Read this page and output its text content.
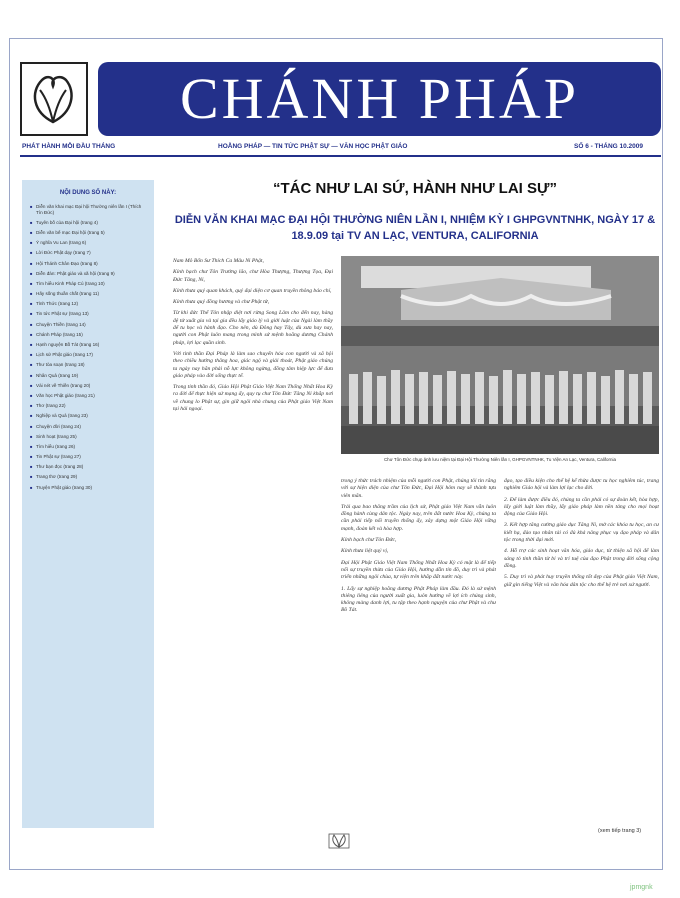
CHÁNH PHÁP
PHÁT HÀNH MỖI ĐẦU THÁNG	HOẰNG PHÁP — TIN TỨC PHẬT SỰ — VĂN HỌC PHẬT GIÁO	SỐ 6 - THÁNG 10.2009
NỘI DUNG SỐ NÀY:
■ Diễn văn khai mạc Đại hội Thường niên lần I (Thích Tín Đức)
■ Tuyên bố của Đại hội (trang 4)
■ Diễn văn bế mạc Đại hội (trang 5)
■ Ý nghĩa Vu Lan (trang 6)
■ Lời Đức Phật dạy (trang 7)
■ Hội Thánh Chân Đạo (trang 8)
■ Diễn đàn: Phật giáo và xã hội (trang 9)
■ Tìm hiểu Kinh Pháp Cú (trang 10)
■ Hãy sống thuần chất (trang 11)
■ Tỉnh Thức (trang 12)
■ Tin tức Phật sự (trang 13)
■ Chuyện Thiền (trang 14)
■ Chánh Pháp (trang 15)
■ Hạnh nguyện Bồ Tát (trang 16)
■ Lịch sử Phật giáo (trang 17)
■ Thư tòa soạn (trang 18)
■ Nhân Quả (trang 19)
■ Vài nét về Thiền (trang 20)
■ Văn học Phật giáo (trang 21)
■ Thơ (trang 22)
■ Nghiệp và Quả (trang 23)
■ Chuyện đời (trang 24)
■ Sinh hoạt (trang 25)
■ Tìm hiểu (trang 26)
■ Tin Phật sự (trang 27)
■ Thư bạn đọc (trang 28)
■ Trang thơ (trang 29)
■ Truyện Phật giáo (trang 30)
“TÁC NHƯ LAI SỨ, HÀNH NHƯ LAI SỰ”
DIỄN VĂN KHAI MẠC ĐẠI HỘI THƯỜNG NIÊN LẦN I, NHIỆM KỲ I GHPGVNTNHK, NGÀY 17 & 18.9.09 tại TV AN LẠC, VENTURA, CALIFORNIA

Nam Mô Bổn Sư Thích Ca Mâu Ni Phật,

Kính bạch chư Tôn Trưởng lão, chư Hòa Thượng, Thượng Tọa, Đại Đức Tăng, Ni,

Kính thưa quý quan khách, quý đại diện cơ quan truyền thông báo chí,

Kính thưa quý đồng hương và chư Phật tử,

Từ khi đức Thế Tôn nhập diệt nơi rừng Song Lâm cho đến nay, hàng đệ tử xuất gia và tại gia đều lấy giáo lý và giới luật của Ngài làm thầy để tu học và hành đạo. Cho nên, dù Đông hay Tây, dù xưa hay nay, người con Phật luôn mang trong mình sứ mệnh hoằng dương Chánh pháp, lợi lạc quần sinh.

Với tinh thần Đại Pháp là làm sao chuyển hóa con người và xã hội theo chiều hướng thăng hoa, giác ngộ và giải thoát, Phật giáo chúng ta ngày nay hẳn phải nỗ lực không ngừng, đồng tâm hiệp lực để đưa giáo pháp vào đời sống thực tế.

Trong tinh thần đó, Giáo Hội Phật Giáo Việt Nam Thống Nhất Hoa Kỳ ra đời để thực hiện sứ mạng ấy, quy tụ chư Tôn Đức Tăng Ni khắp nơi về chung lo Phật sự, gìn giữ ngôi nhà chung của Phật giáo Việt Nam tại hải ngoại.

Chư Tôn Đức chụp ảnh lưu niệm tại Đại Hội Thường Niên lần I, GHPGVNTNHK, Tu Viện An Lạc, Ventura, California

trong ý thức trách nhiệm của mỗi người con Phật, chúng tôi tin rằng với sự hiện diện của chư Tôn Đức, Đại Hội hôm nay sẽ thành tựu viên mãn.

Trải qua bao thăng trầm của lịch sử, Phật giáo Việt Nam vẫn luôn đồng hành cùng dân tộc. Ngày nay, trên đất nước Hoa Kỳ, chúng ta cần phải tiếp nối truyền thống ấy, xây dựng một Giáo Hội vững mạnh, đoàn kết và hòa hợp.

Kính bạch chư Tôn Đức,

Kính thưa liệt quý vị,

Đại Hội Phật Giáo Việt Nam Thống Nhất Hoa Kỳ có mặt là để tiếp nối sự truyền thừa của Giáo Hội, hướng dẫn tín đồ, duy trì và phát triển những ngôi chùa, tự viện trên khắp đất nước này.

1. Lấy sự nghiệp hoằng dương Phật Pháp làm đầu. Đó là sứ mệnh thiêng liêng của người xuất gia, luôn hướng về lợi ích chúng sinh, không màng danh lợi, tu tập theo hạnh nguyện của chư Phật và chư Bồ Tát.

đạo, tạo điều kiện cho thế hệ kế thừa được tu học nghiêm túc, trang nghiêm Giáo hội và làm lợi lạc cho đời.

2. Để làm được điều đó, chúng ta cần phải có sự đoàn kết, hòa hợp, lấy giới luật làm thầy, lấy giáo pháp làm nền tảng cho mọi hoạt động của Giáo Hội.

3. Kết hợp tăng cường giáo dục Tăng Ni, mở các khóa tu học, an cư kiết hạ, đào tạo nhân tài có đủ khả năng phục vụ đạo pháp và dân tộc trong thời đại mới.

4. Hỗ trợ các sinh hoạt văn hóa, giáo dục, từ thiện xã hội để làm sáng tỏ tinh thần từ bi và trí tuệ của đạo Phật trong đời sống cộng đồng.

5. Duy trì và phát huy truyền thống tốt đẹp của Phật giáo Việt Nam, giữ gìn tiếng Việt và văn hóa dân tộc cho thế hệ trẻ nơi xứ người.

(xem tiếp trang 3)
jpmgnk
